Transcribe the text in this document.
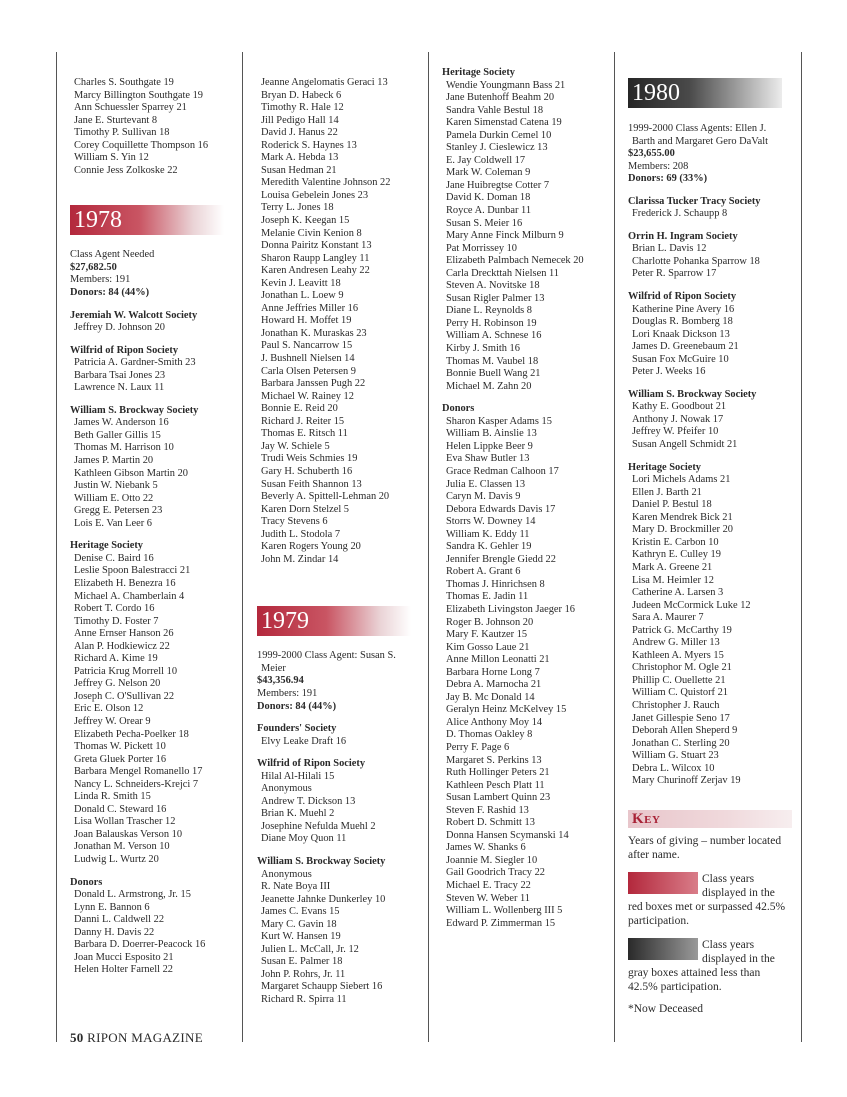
Charles S. Southgate 19
Marcy Billington Southgate 19
Ann Schuessler Sparrey 21
Jane E. Sturtevant 8
Timothy P. Sullivan 18
Corey Coquillette Thompson 16
William S. Yin 12
Connie Jess Zolkoske 22
1978
Class Agent Needed
$27,682.50
Members: 191
Donors: 84 (44%)
Jeremiah W. Walcott Society
Jeffrey D. Johnson 20
Wilfrid of Ripon Society
Patricia A. Gardner-Smith 23
Barbara Tsai Jones 23
Lawrence N. Laux 11
William S. Brockway Society
James W. Anderson 16
Beth Galler Gillis 15
Thomas M. Harrison 10
James P. Martin 20
Kathleen Gibson Martin 20
Justin W. Niebank 5
William E. Otto 22
Gregg E. Petersen 23
Lois E. Van Leer 6
Heritage Society
Denise C. Baird 16
Leslie Spoon Balestracci 21
Elizabeth H. Benezra 16
Michael A. Chamberlain 4
Robert T. Cordo 16
Timothy D. Foster 7
Anne Ernser Hanson 26
Alan P. Hodkiewicz 22
Richard A. Kime 19
Patricia Krug Morrell 10
Jeffrey G. Nelson 20
Joseph C. O'Sullivan 22
Eric E. Olson 12
Jeffrey W. Orear 9
Elizabeth Pecha-Poelker 18
Thomas W. Pickett 10
Greta Gluek Porter 16
Barbara Mengel Romanello 17
Nancy L. Schneiders-Krejci 7
Linda R. Smith 15
Donald C. Steward 16
Lisa Wollan Trascher 12
Joan Balauskas Verson 10
Jonathan M. Verson 10
Ludwig L. Wurtz 20
Donors
Donald L. Armstrong, Jr. 15
Lynn E. Bannon 6
Danni L. Caldwell 22
Danny H. Davis 22
Barbara D. Doerrer-Peacock 16
Joan Mucci Esposito 21
Helen Holter Farnell 22
Jeanne Angelomatis Geraci 13
Bryan D. Habeck 6
Timothy R. Hale 12
Jill Pedigo Hall 14
David J. Hanus 22
Roderick S. Haynes 13
Mark A. Hebda 13
Susan Hedman 21
Meredith Valentine Johnson 22
Louisa Gebelein Jones 23
Terry L. Jones 18
Joseph K. Keegan 15
Melanie Civin Kenion 8
Donna Pairitz Konstant 13
Sharon Raupp Langley 11
Karen Andresen Leahy 22
Kevin J. Leavitt 18
Jonathan L. Loew 9
Anne Jeffries Miller 16
Howard H. Moffet 19
Jonathan K. Muraskas 23
Paul S. Nancarrow 15
J. Bushnell Nielsen 14
Carla Olsen Petersen 9
Barbara Janssen Pugh 22
Michael W. Rainey 12
Bonnie E. Reid 20
Richard J. Reiter 15
Thomas E. Ritsch 11
Jay W. Schiele 5
Trudi Weis Schmies 19
Gary H. Schuberth 16
Susan Feith Shannon 13
Beverly A. Spittell-Lehman 20
Karen Dorn Stelzel 5
Tracy Stevens 6
Judith L. Stodola 7
Karen Rogers Young 20
John M. Zindar 14
1979
1999-2000 Class Agent: Susan S.
Meier
$43,356.94
Members: 191
Donors: 84 (44%)
Founders' Society
Elvy Leake Draft 16
Wilfrid of Ripon Society
Hilal Al-Hilali 15
Anonymous
Andrew T. Dickson 13
Brian K. Muehl 2
Josephine Nefulda Muehl 2
Diane Moy Quon 11
William S. Brockway Society
Anonymous
R. Nate Boya III
Jeanette Jahnke Dunkerley 10
James C. Evans 15
Mary C. Gavin 18
Kurt W. Hansen 19
Julien L. McCall, Jr. 12
Susan E. Palmer 18
John P. Rohrs, Jr. 11
Margaret Schaupp Siebert 16
Richard R. Spirra 11
Heritage Society
Wendie Youngmann Bass 21
Jane Butenhoff Beahm 20
Sandra Vahle Bestul 18
Karen Simenstad Catena 19
Pamela Durkin Cemel 10
Stanley J. Cieslewicz 13
E. Jay Coldwell 17
Mark W. Coleman 9
Jane Huibregtse Cotter 7
David K. Doman 18
Royce A. Dunbar 11
Susan S. Meier 16
Mary Anne Finck Milburn 9
Pat Morrissey 10
Elizabeth Palmbach Nemecek 20
Carla Dreckttah Nielsen 11
Steven A. Novitske 18
Susan Rigler Palmer 13
Diane L. Reynolds 8
Perry H. Robinson 19
William A. Schnese 16
Kirby J. Smith 16
Thomas M. Vaubel 18
Bonnie Buell Wang 21
Michael M. Zahn 20
Donors
Sharon Kasper Adams 15
William B. Ainslie 13
Helen Lippke Beer 9
Eva Shaw Butler 13
Grace Redman Calhoon 17
Julia E. Classen 13
Caryn M. Davis 9
Debora Edwards Davis 17
Storrs W. Downey 14
William K. Eddy 11
Sandra K. Gehler 19
Jennifer Brengle Giedd 22
Robert A. Grant 6
Thomas J. Hinrichsen 8
Thomas E. Jadin 11
Elizabeth Livingston Jaeger 16
Roger B. Johnson 20
Mary F. Kautzer 15
Kim Gosso Laue 21
Anne Millon Leonatti 21
Barbara Horne Long 7
Debra A. Marnocha 21
Jay B. Mc Donald 14
Geralyn Heinz McKelvey 15
Alice Anthony Moy 14
D. Thomas Oakley 8
Perry F. Page 6
Margaret S. Perkins 13
Ruth Hollinger Peters 21
Kathleen Pesch Platt 11
Susan Lambert Quinn 23
Steven F. Rashid 13
Robert D. Schmitt 13
Donna Hansen Scymanski 14
James W. Shanks 6
Joannie M. Siegler 10
Gail Goodrich Tracy 22
Michael E. Tracy 22
Steven W. Weber 11
William L. Wollenberg III 5
Edward P. Zimmerman 15
1980
1999-2000 Class Agents: Ellen J.
Barth and Margaret Gero DaValt
$23,655.00
Members: 208
Donors: 69 (33%)
Clarissa Tucker Tracy Society
Frederick J. Schaupp 8
Orrin H. Ingram Society
Brian L. Davis 12
Charlotte Pohanka Sparrow 18
Peter R. Sparrow 17
Wilfrid of Ripon Society
Katherine Pine Avery 16
Douglas R. Bomberg 18
Lori Knaak Dickson 13
James D. Greenebaum 21
Susan Fox McGuire 10
Peter J. Weeks 16
William S. Brockway Society
Kathy E. Goodbout 21
Anthony J. Nowak 17
Jeffrey W. Pfeifer 10
Susan Angell Schmidt 21
Heritage Society
Lori Michels Adams 21
Ellen J. Barth 21
Daniel P. Bestul 18
Karen Mendrek Bick 21
Mary D. Brockmiller 20
Kristin E. Carbon 10
Kathryn E. Culley 19
Mark A. Greene 21
Lisa M. Heimler 12
Catherine A. Larsen 3
Judeen McCormick Luke 12
Sara A. Maurer 7
Patrick G. McCarthy 19
Andrew G. Miller 13
Kathleen A. Myers 15
Christophor M. Ogle 21
Phillip C. Ouellette 21
William C. Quistorf 21
Christopher J. Rauch
Janet Gillespie Seno 17
Deborah Allen Sheperd 9
Jonathan C. Sterling 20
William G. Stuart 23
Debra L. Wilcox 10
Mary Churinoff Zerjav 19
Key
Years of giving – number located after name.
Class years displayed in the red boxes met or surpassed 42.5% participation.
Class years displayed in the gray boxes attained less than 42.5% participation.
*Now Deceased
50 RIPON MAGAZINE
